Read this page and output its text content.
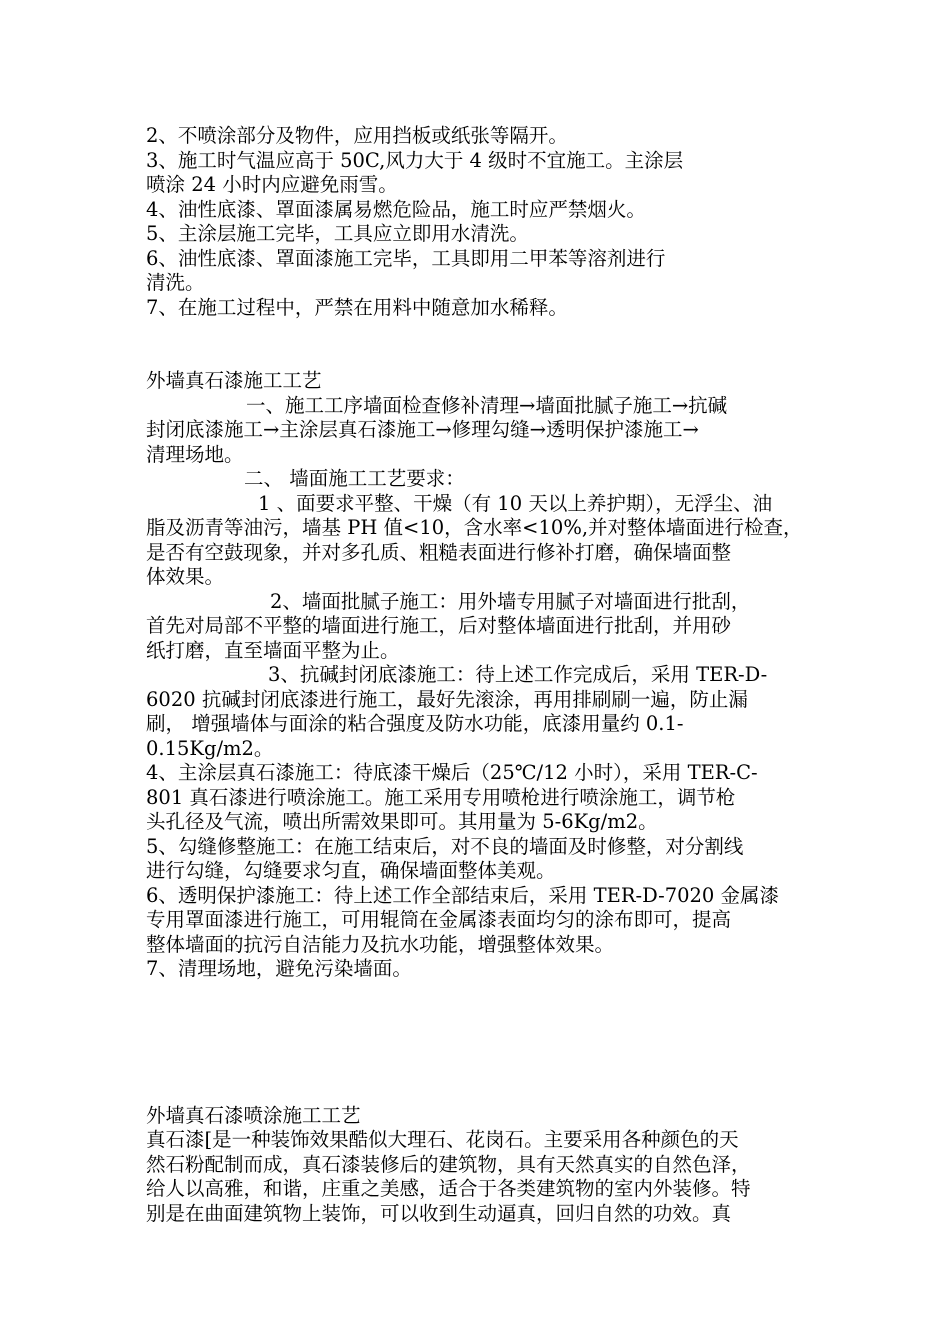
2、不喷涂部分及物件，应用挡板或纸张等隔开。
3、施工时气温应高于 50C,风力大于 4 级时不宜施工。主涂层
喷涂 24 小时内应避免雨雪。
4、油性底漆、罩面漆属易燃危险品，施工时应严禁烟火。
5、主涂层施工完毕，工具应立即用水清洗。
6、油性底漆、罩面漆施工完毕，工具即用二甲苯等溶剂进行
清洗。
7、在施工过程中，严禁在用料中随意加水稀释。
外墙真石漆施工工艺
一、施工工序墙面检查修补清理→墙面批腻子施工→抗碱
封闭底漆施工→主涂层真石漆施工→修理勾缝→透明保护漆施工→
清理场地。
二、 墙面施工工艺要求：
1 、面要求平整、干燥（有 10 天以上养护期），无浮尘、油
脂及沥青等油污，墙基 PH 值<10，含水率<10%,并对整体墙面进行检查，
是否有空鼓现象，并对多孔质、粗糙表面进行修补打磨，确保墙面整
体效果。
2、墙面批腻子施工：用外墙专用腻子对墙面进行批刮，
首先对局部不平整的墙面进行施工，后对整体墙面进行批刮，并用砂
纸打磨，直至墙面平整为止。
3、抗碱封闭底漆施工：待上述工作完成后，采用 TER-D-
6020 抗碱封闭底漆进行施工，最好先滚涂，再用排刷刷一遍，防止漏
刷， 增强墙体与面涂的粘合强度及防水功能，底漆用量约 0.1-
0.15Kg/m2。
4、主涂层真石漆施工：待底漆干燥后（25℃/12 小时），采用 TER-C-
801 真石漆进行喷涂施工。施工采用专用喷枪进行喷涂施工，调节枪
头孔径及气流，喷出所需效果即可。其用量为 5-6Kg/m2。
5、勾缝修整施工：在施工结束后，对不良的墙面及时修整，对分割线
进行勾缝，勾缝要求匀直，确保墙面整体美观。
6、透明保护漆施工：待上述工作全部结束后，采用 TER-D-7020 金属漆
专用罩面漆进行施工，可用辊筒在金属漆表面均匀的涂布即可，提高
整体墙面的抗污自洁能力及抗水功能，增强整体效果。
7、清理场地，避免污染墙面。
外墙真石漆喷涂施工工艺
真石漆[是一种装饰效果酷似大理石、花岗石。主要采用各种颜色的天
然石粉配制而成，真石漆装修后的建筑物，具有天然真实的自然色泽，
给人以高雅，和谐，庄重之美感，适合于各类建筑物的室内外装修。特
别是在曲面建筑物上装饰，可以收到生动逼真，回归自然的功效。真
